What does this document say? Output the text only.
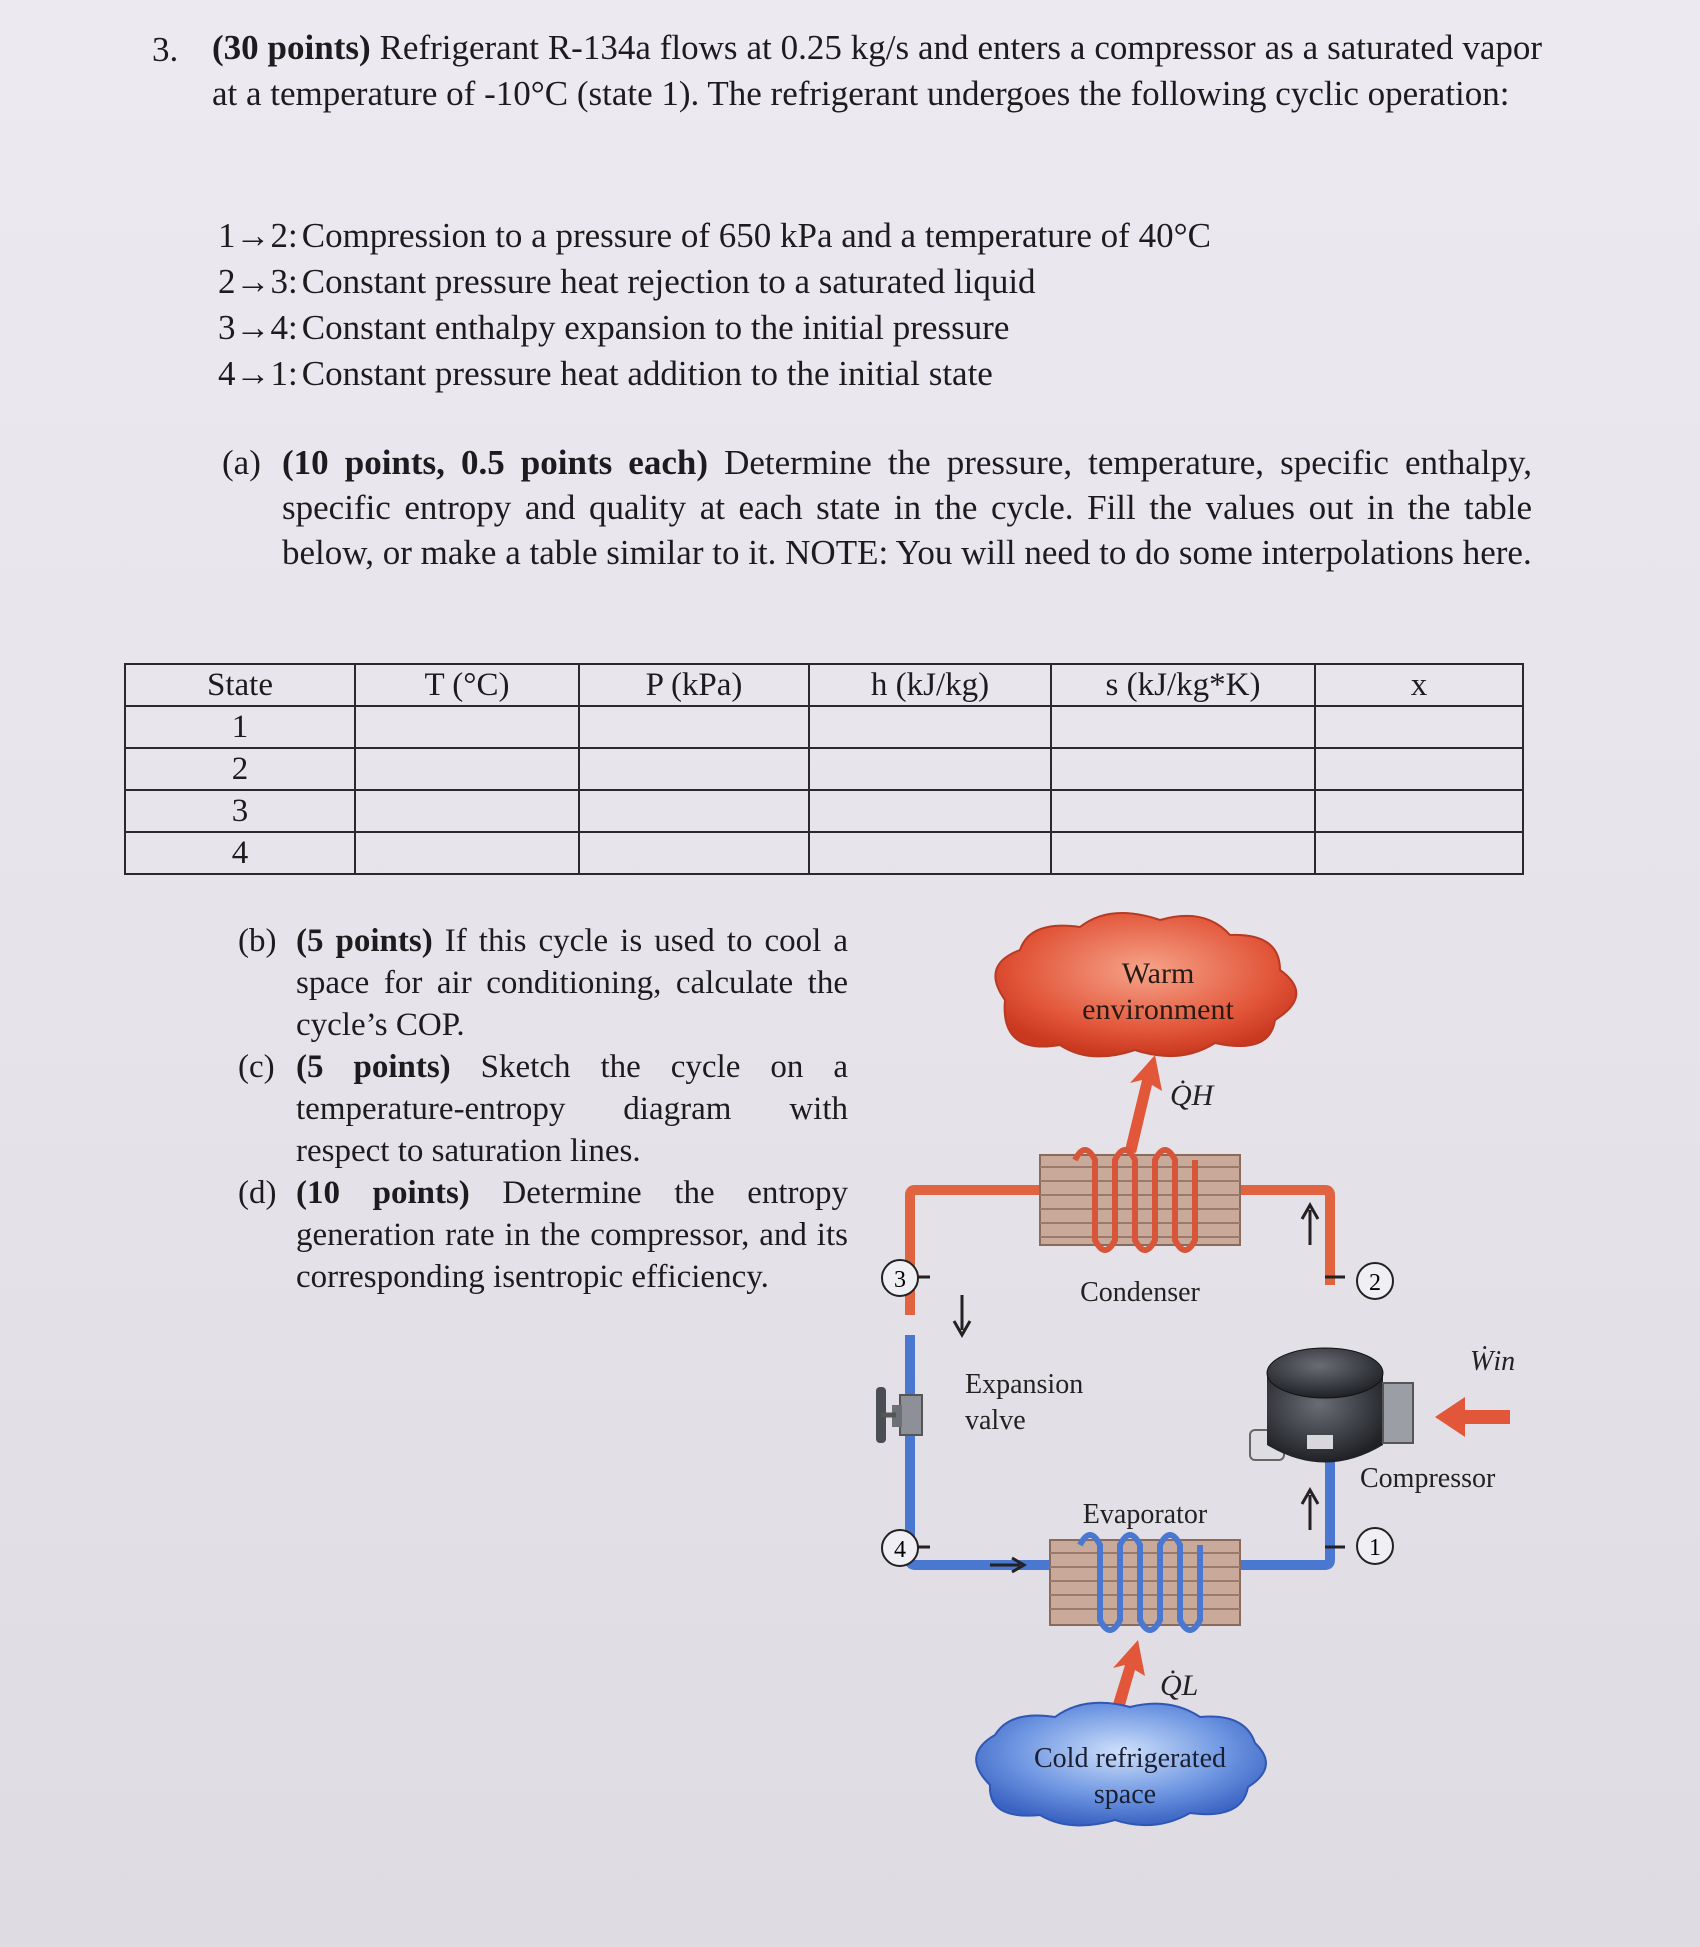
3. (30 points) Refrigerant R-134a flows at 0.25 kg/s and enters a compressor as a saturated vapor at a temperature of -10°C (state 1). The refrigerant undergoes the following cyclic operation:
1→2: Compression to a pressure of 650 kPa and a temperature of 40°C
2→3: Constant pressure heat rejection to a saturated liquid
3→4: Constant enthalpy expansion to the initial pressure
4→1: Constant pressure heat addition to the initial state
(a) (10 points, 0.5 points each) Determine the pressure, temperature, specific enthalpy, specific entropy and quality at each state in the cycle. Fill the values out in the table below, or make a table similar to it. NOTE: You will need to do some interpolations here.
State	T (°C)	P (kPa)	h (kJ/kg)	s (kJ/kg*K)	x
1					
2					
3					
4					
(b) (5 points) If this cycle is used to cool a space for air conditioning, calculate the cycle’s COP.
(c) (5 points) Sketch the cycle on a temperature-entropy diagram with respect to saturation lines.
(d) (10 points) Determine the entropy generation rate in the compressor, and its corresponding isentropic efficiency.
Warm
environment
Q̇H
Condenser
3
4
2
1
Expansion
valve
Ẇin
Compressor
Evaporator
Q̇L
Cold refrigerated
space
